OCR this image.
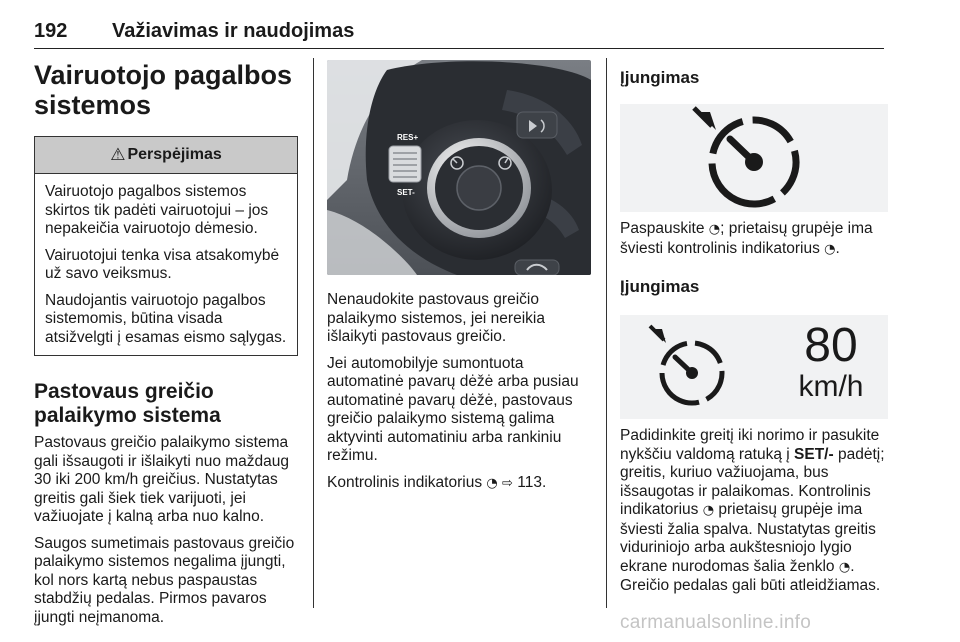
192 Važiavimas ir naudojimas
Vairuotojo pagalbos
sistemos
⚠ Perspėjimas

Vairuotojo pagalbos sistemos skirtos tik padėti vairuotojui – jos nepakeičia vairuotojo dėmesio.

Vairuotojui tenka visa atsakomybė už savo veiksmus.

Naudojantis vairuotojo pagalbos sistemomis, būtina visada atsižvelgti į esamas eismo sąlygas.

Pastovaus greičio
palaikymo sistema

Pastovaus greičio palaikymo sistema gali išsaugoti ir išlaikyti nuo maždaug 30 iki 200 km/h greičius. Nustatytas greitis gali šiek tiek varijuoti, jei važiuojate į kalną arba nuo kalno.

Saugos sumetimais pastovaus greičio palaikymo sistemos negalima įjungti, kol nors kartą nebus paspaustas stabdžių pedalas. Pirmos pavaros įjungti neįmanoma.

RES+
SET-

Nenaudokite pastovaus greičio palaikymo sistemos, jei nereikia išlaikyti pastovaus greičio.

Jei automobilyje sumontuota automatinė pavarų dėžė arba pusiau automatinė pavarų dėžė, pastovaus greičio palaikymo sistemą galima aktyvinti automatiniu arba rankiniu režimu.

Kontrolinis indikatorius ◔ ⇨ 113.

Įjungimas

Paspauskite ◔; prietaisų grupėje ima šviesti kontrolinis indikatorius ◔.

Įjungimas
80
km/h

Padidinkite greitį iki norimo ir pasukite nykščiu valdomą ratuką į SET/- padėtį; greitis, kuriuo važiuojama, bus išsaugotas ir palaikomas. Kontrolinis indikatorius ◔ prietaisų grupėje ima šviesti žalia spalva. Nustatytas greitis viduriniojo arba aukštesniojo lygio ekrane nurodomas šalia ženklo ◔. Greičio pedalas gali būti atleidžiamas.

carmanualsonline.info
